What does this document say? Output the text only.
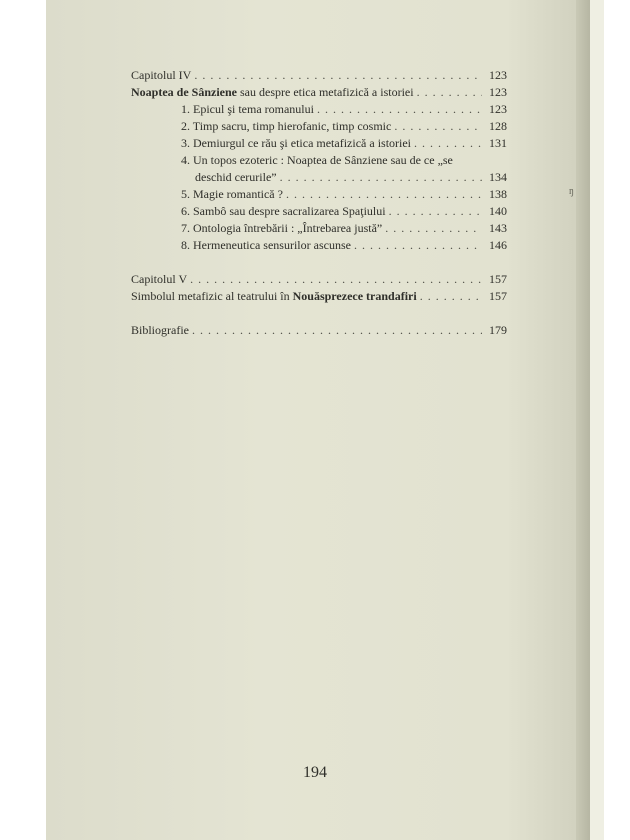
ŋ
Capitolul IV . . .	123
Noaptea de Sânziene sau despre etica metafizică a istoriei . . .	123
1. Epicul şi tema romanului . . .	123
2. Timp sacru, timp hierofanic, timp cosmic . . .	128
3. Demiurgul ce rău şi etica metafizică a istoriei . . .	131
4. Un topos ezoteric : Noaptea de Sânziene sau de ce „se
deschid cerurile” . . .	134
5. Magie romantică ? . . .	138
6. Sambô sau despre sacralizarea Spaţiului . . .	140
7. Ontologia întrebării : „Întrebarea justă” . . .	143
8. Hermeneutica sensurilor ascunse . . .	146
Capitolul V . . .	157
Simbolul metafizic al teatrului în Nouăsprezece trandafiri . . .	157
Bibliografie . . .	179
194
